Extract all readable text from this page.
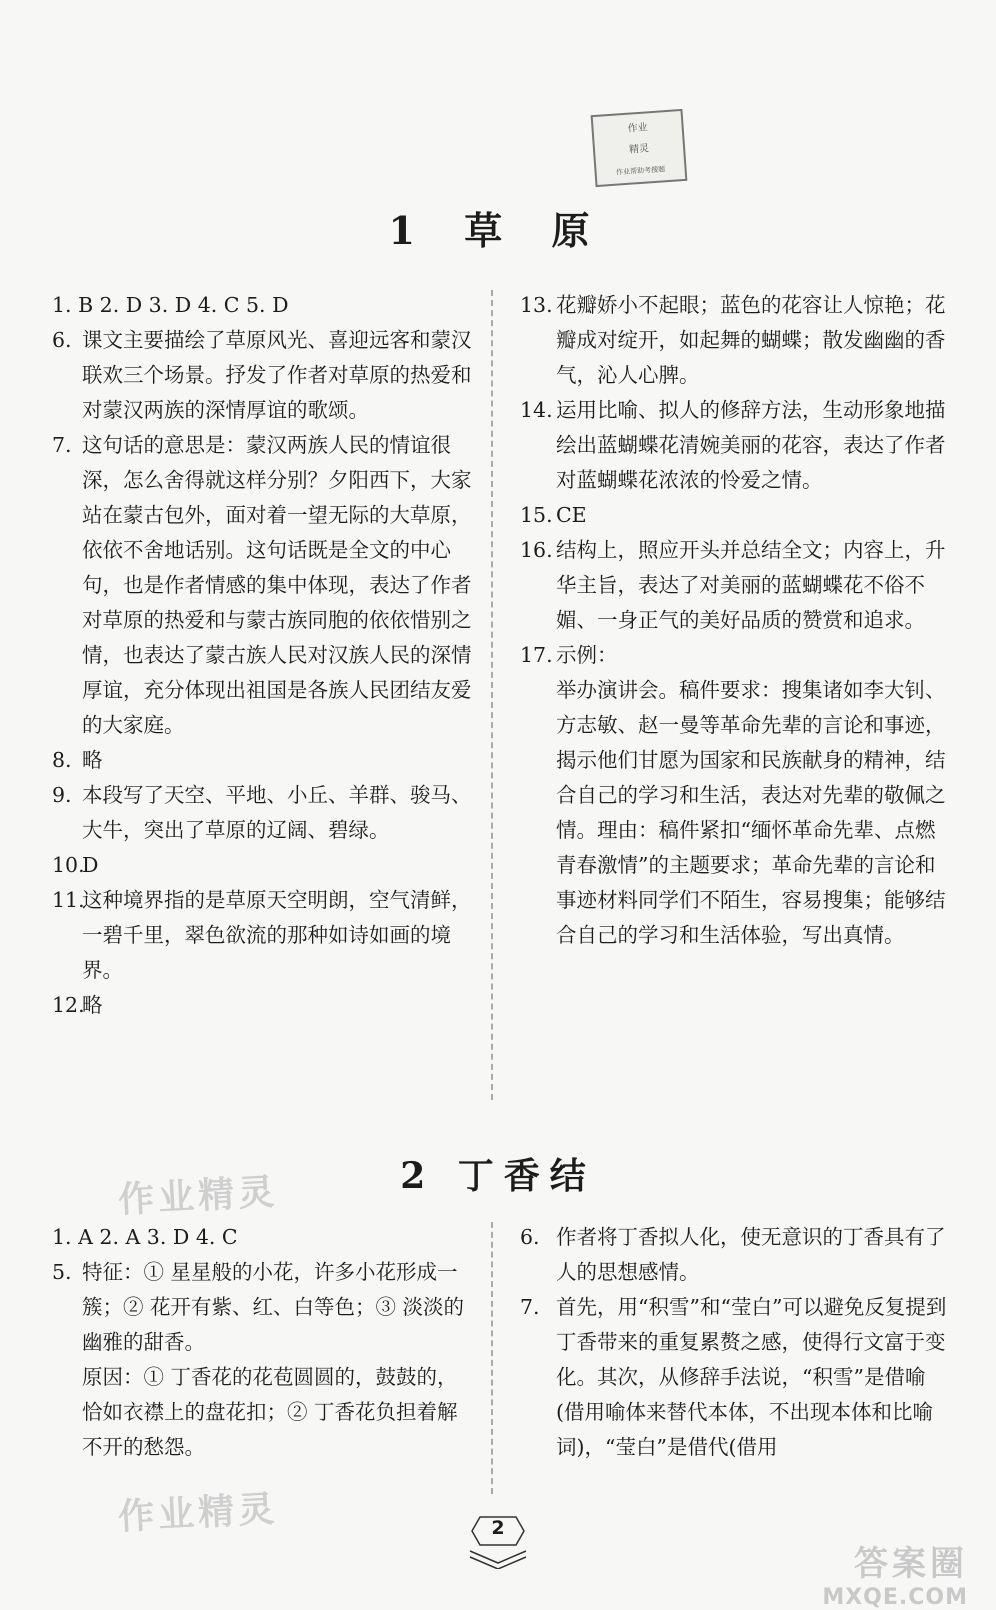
作业
精灵
作业帮助考搜题
1 草 原
1. B 2. D 3. D 4. C 5. D
6. 课文主要描绘了草原风光、喜迎远客和蒙汉联欢三个场景。抒发了作者对草原的热爱和对蒙汉两族的深情厚谊的歌颂。
7. 这句话的意思是：蒙汉两族人民的情谊很深，怎么舍得就这样分别？夕阳西下，大家站在蒙古包外，面对着一望无际的大草原，依依不舍地话别。这句话既是全文的中心句，也是作者情感的集中体现，表达了作者对草原的热爱和与蒙古族同胞的依依惜别之情，也表达了蒙古族人民对汉族人民的深情厚谊，充分体现出祖国是各族人民团结友爱的大家庭。
8. 略
9. 本段写了天空、平地、小丘、羊群、骏马、大牛，突出了草原的辽阔、碧绿。
10.
D
11.
这种境界指的是草原天空明朗，空气清鲜，一碧千里，翠色欲流的那种如诗如画的境界。
12.
略
13. 花瓣娇小不起眼；蓝色的花容让人惊艳；花瓣成对绽开，如起舞的蝴蝶；散发幽幽的香气，沁人心脾。
14. 运用比喻、拟人的修辞方法，生动形象地描绘出蓝蝴蝶花清婉美丽的花容，表达了作者对蓝蝴蝶花浓浓的怜爱之情。
15. CE
16. 结构上，照应开头并总结全文；内容上，升华主旨，表达了对美丽的蓝蝴蝶花不俗不媚、一身正气的美好品质的赞赏和追求。
17. 示例：
举办演讲会。稿件要求：搜集诸如李大钊、方志敏、赵一曼等革命先辈的言论和事迹，揭示他们甘愿为国家和民族献身的精神，结合自己的学习和生活，表达对先辈的敬佩之情。理由：稿件紧扣“缅怀革命先辈、点燃青春激情”的主题要求；革命先辈的言论和事迹材料同学们不陌生，容易搜集；能够结合自己的学习和生活体验，写出真情。
作业精灵	2 丁香结
1. A 2. A 3. D 4. C
5. 特征：① 星星般的小花，许多小花形成一簇；② 花开有紫、红、白等色；③ 淡淡的幽雅的甜香。
原因：① 丁香花的花苞圆圆的，鼓鼓的，恰如衣襟上的盘花扣；② 丁香花负担着解不开的愁怨。
6. 作者将丁香拟人化，使无意识的丁香具有了人的思想感情。
7. 首先，用“积雪”和“莹白”可以避免反复提到丁香带来的重复累赘之感，使得行文富于变化。其次，从修辞手法说，“积雪”是借喻(借用喻体来替代本体，不出现本体和比喻词)，“莹白”是借代(借用
作业精灵	2
答案圈
MXQE.COM
